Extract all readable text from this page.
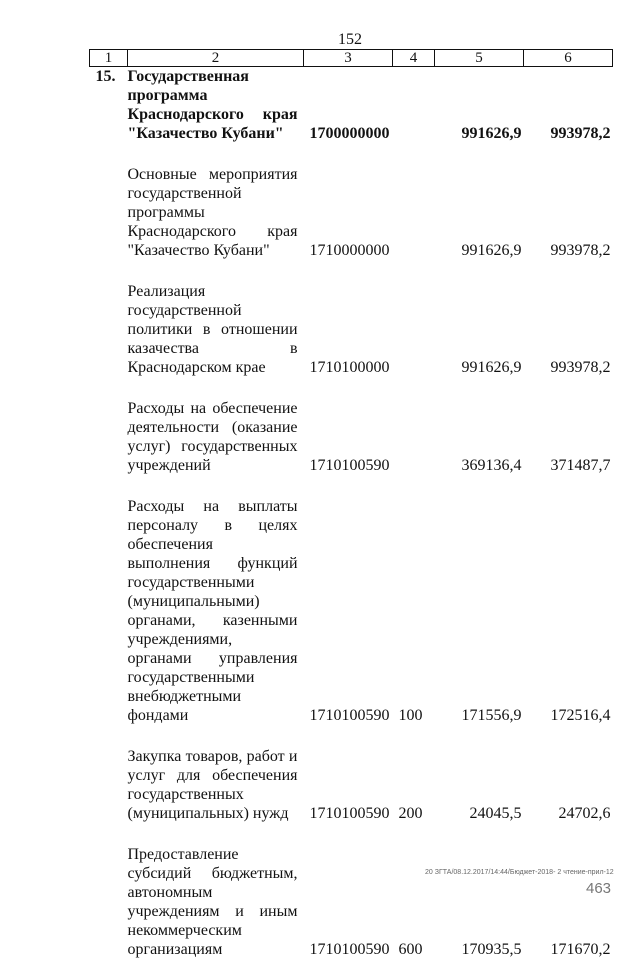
152
1	2	3	4	5	6
15.	Государственная программа Краснодарского края "Казачество Кубани"	1700000000		991626,9	993978,2

	Основные мероприятия государственной программы Краснодарского края "Казачество Кубани"	1710000000		991626,9	993978,2

	Реализация государственной политики в отношении казачества в Краснодарском крае	1710100000		991626,9	993978,2

	Расходы на обеспечение деятельности (оказание услуг) государственных учреждений	1710100590		369136,4	371487,7

	Расходы на выплаты персоналу в целях обеспечения выполнения функций государственными (муниципальными) органами, казенными учреждениями, органами управления государственными внебюджетными фондами	1710100590	100	171556,9	172516,4

	Закупка товаров, работ и услуг для обеспечения государственных (муниципальных) нужд	1710100590	200	24045,5	24702,6

	Предоставление субсидий бюджетным, автономным учреждениям и иным некоммерческим организациям	1710100590	600	170935,5	171670,2
20 ЗГТА/08.12.2017/14:44/Бюджет-2018- 2 чтение-прил-12
463
